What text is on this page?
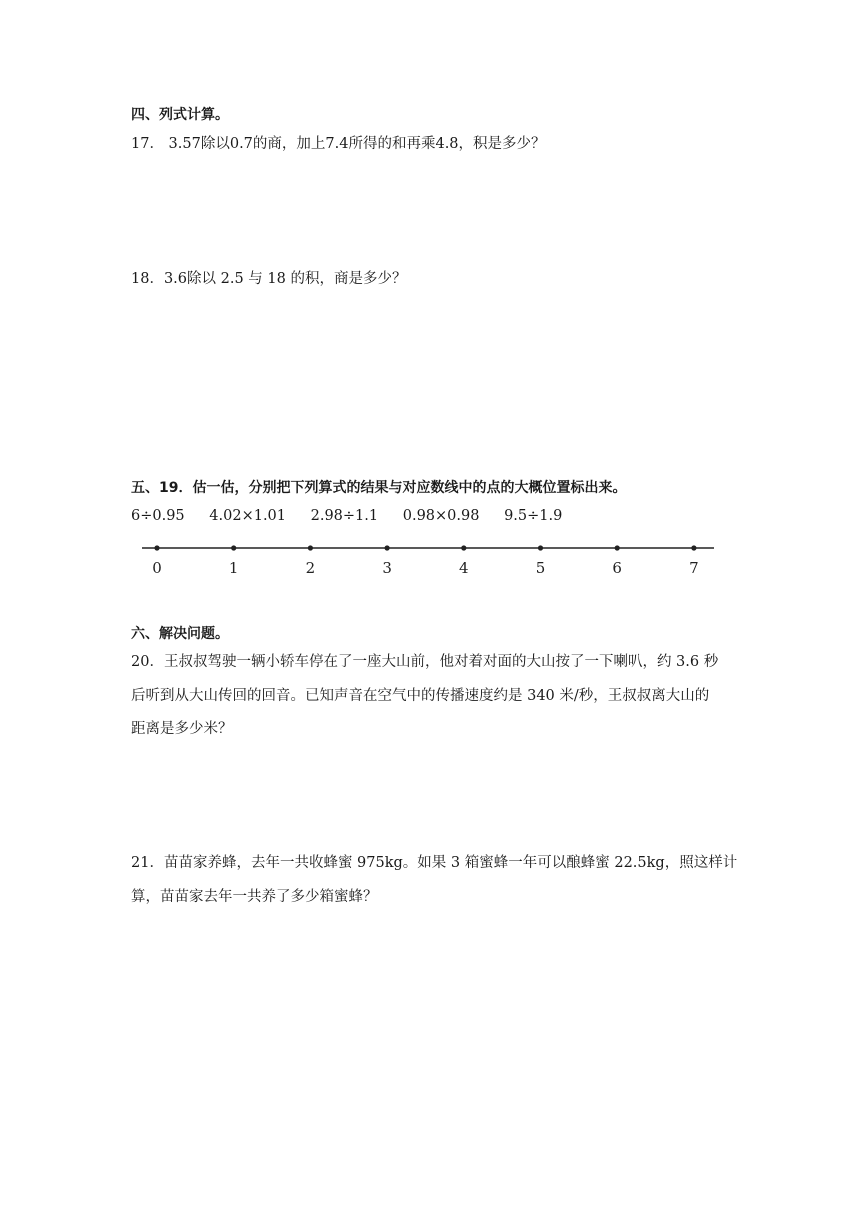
四、列式计算。
17． 3.57除以0.7的商，加上7.4所得的和再乘4.8，积是多少？
18．3.6除以 2.5 与 18 的积，商是多少？
五、19．估一估，分别把下列算式的结果与对应数线中的点的大概位置标出来。
6÷0.95 4.02×1.01 2.98÷1.1 0.98×0.98 9.5÷1.9
0	1	2	3	4	5	6	7
六、解决问题。
20．王叔叔驾驶一辆小轿车停在了一座大山前，他对着对面的大山按了一下喇叭，约 3.6 秒
后听到从大山传回的回音。已知声音在空气中的传播速度约是 340 米/秒，王叔叔离大山的
距离是多少米？
21．苗苗家养蜂，去年一共收蜂蜜 975kg。如果 3 箱蜜蜂一年可以酿蜂蜜 22.5kg，照这样计
算，苗苗家去年一共养了多少箱蜜蜂？
